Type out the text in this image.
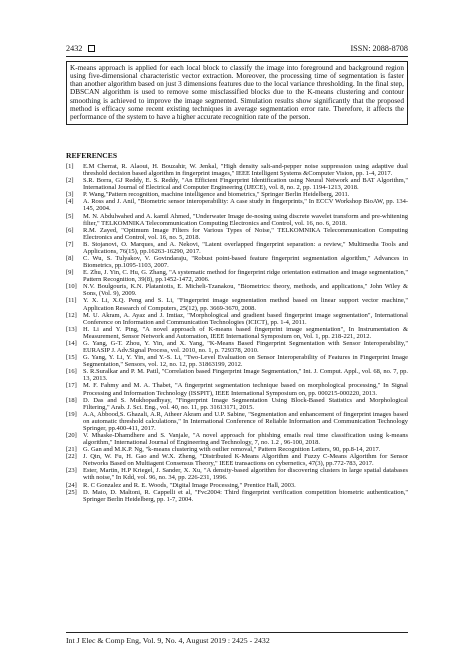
2432	ISSN: 2088-8708
K-means approach is applied for each local block to classify the image into foreground and background region using five-dimensional characteristic vector extraction. Moreover, the processing time of segmentation is faster than another algorithm based on just 3 dimensions features due to the local variance thresholding. In the final step, DBSCAN algorithm is used to remove some misclassified blocks due to the K-means clustering and contour smoothing is achieved to improve the image segmented. Simulation results show significantly that the proposed method is efficacy some recent existing techniques in average segmentation error rate. Therefore, it affects the performance of the system to have a higher accurate recognition rate of the person.
REFERENCES
[1]	E.M Cherrat, R. Alaoui, H. Bouzahir, W. Jenkal, "High density salt-and-pepper noise suppression using adaptive dual threshold decision based algorithm in fingerprint images," IEEE Intelligent Systems &Computer Vision, pp. 1-4, 2017.
[2]	S.R. Borra, GJ Reddy, E. S. Reddy, "An Efficient Fingerprint Identification using Neural Network and BAT Algorithm," International Journal of Electrical and Computer Engineering (IJECE), vol. 8, no. 2, pp. 1194-1213, 2018.
[3]	P. Wang,"Pattern recognition, machine intelligence and biometrics," Springer Berlin Heidelberg, 2011.
[4]	A. Ross and J. Anil, "Biometric sensor interoperability: A case study in fingerprints," In ECCV Workshop BioAW, pp. 134-145, 2004.
[5]	M. N. Abdulwahed and A. kamil Ahmed, "Underwater Image de-nosing using discrete wavelet transform and pre-whitening filter," TELKOMNIKA Telecommunication Computing Electronics and Control, vol. 16, no. 6, 2018.
[6]	R.M. Zayed, "Optimum Image Filters for Various Types of Noise," TELKOMNIKA Telecommunication Computing Electronics and Control, vol. 16, no. 5, 2018.
[7]	B. Stojanovi, O. Marques, and A. Nekovi, "Latent overlapped fingerprint separation: a review," Multimedia Tools and Applications, 76(15), pp.16263-16290, 2017.
[8]	C. Wu, S. Tulyakov, V. Govindaraju, "Robust point-based feature fingerprint segmentation algorithm," Advances in Biometrics, pp.1095-1103, 2007.
[9]	E. Zhu, J. Yin, C. Hu, G. Zhang, "A systematic method for fingerprint ridge orientation estimation and image segmentation," Pattern Recognition, 39(8), pp.1452-1472, 2006.
[10] N.V. Boulgouris, K.N. Plataniotis, E. Micheli-Tzanakou, "Biometrics: theory, methods, and applications," John Wiley & Sons, (Vol. 9), 2009.
[11] Y. X. Li, X.Q. Peng and S. Li, "Fingerprint image segmentation method based on linear support vector machine," Application Research of Computers, 25(12), pp. 3669-3670, 2008.
[12] M. U. Akram, A. Ayaz and J. Imtiaz, "Morphological and gradient based fingerprint image segmentation", International Conference on Information and Communication Technologies (ICICT), pp. 1-4, 2011.
[13] H. Li and Y. Ping, "A novel approach of K-means based fingerprint image segmentation", In Instrumentation & Measurement, Sensor Network and Automation, IEEE International Symposium on, Vol. 1, pp. 218-221, 2012.
[14] G. Yang, G-T. Zhou, Y. Yin, and X. Yang, "K-Means Based Fingerprint Segmentation with Sensor Interoperability," EURASIP J. Adv.Signal Process, vol. 2010, no. 1, p. 729378, 2010.
[15] G. Yang, Y. Li, Y. Yin, and Y.-S. Li, "Two-Level Evaluation on Sensor Interoperability of Features in Fingerprint Image Segmentation," Sensors, vol. 12, no. 12, pp. 31863199, 2012.
[16] S. R.Suralkar and P. M. Patil, "Correlation based Fingerprint Image Segmentation," Int. J. Comput. Appl., vol. 68, no. 7, pp. 13, 2013.
[17] M. F. Fahmy and M. A. Thabet, "A fingerprint segmentation technique based on morphological processing," In Signal Processing and Information Technology (ISSPIT), IEEE International Symposium on, pp. 000215-000220, 2013.
[18] D. Das and S. Mukhopadhyay, "Fingerprint Image Segmentation Using Block-Based Statistics and Morphological Filtering," Arab. J. Sci. Eng., vol. 40, no. 11, pp. 31613171, 2015.
[19] A.A, Abbood,S. Ghazali, A.R, Atheer Akram and U.P. Sabine, "Segmentation and enhancement of fingerprint images based on automatic threshold calculations," In International Conference of Reliable Information and Communication Technology Springer, pp.400-411, 2017.
[20] V. Mhaske-Dhamdhere and S. Vanjale, "A novel approach for phishing emails real time classification using k-means algorithm," International Journal of Engineering and Technology, 7, no. 1.2 , 96-100, 2018.
[21] G. Gan and M.K.P. Ng, "k-means clustering with outlier removal," Pattern Recognition Letters, 90, pp.8-14, 2017.
[22] J. Qin, W. Fu, H. Gao and W.X. Zheng, "Distributed K-Means Algorithm and Fuzzy C-Means Algorithm for Sensor Networks Based on Multiagent Consensus Theory," IEEE transactions on cybernetics, 47(3), pp.772-783, 2017.
[23] Ester, Martin, H.P Kriegel, J. Sander, X. Xu, "A density-based algorithm for discovering clusters in large spatial databases with noise," In Kdd, vol. 96, no. 34, pp. 226-231, 1996.
[24] R. C Gonzalez and R. E. Woods, "Digital Image Processing," Prentice Hall, 2003.
[25] D. Maio, D. Maltoni, R. Cappelli et al, "Fvc2004: Third fingerprint verification competition biometric authentication," Springer Berlin Heidelberg, pp. 1-7, 2004.
Int J Elec & Comp Eng, Vol. 9, No. 4, August 2019 : 2425 - 2432
